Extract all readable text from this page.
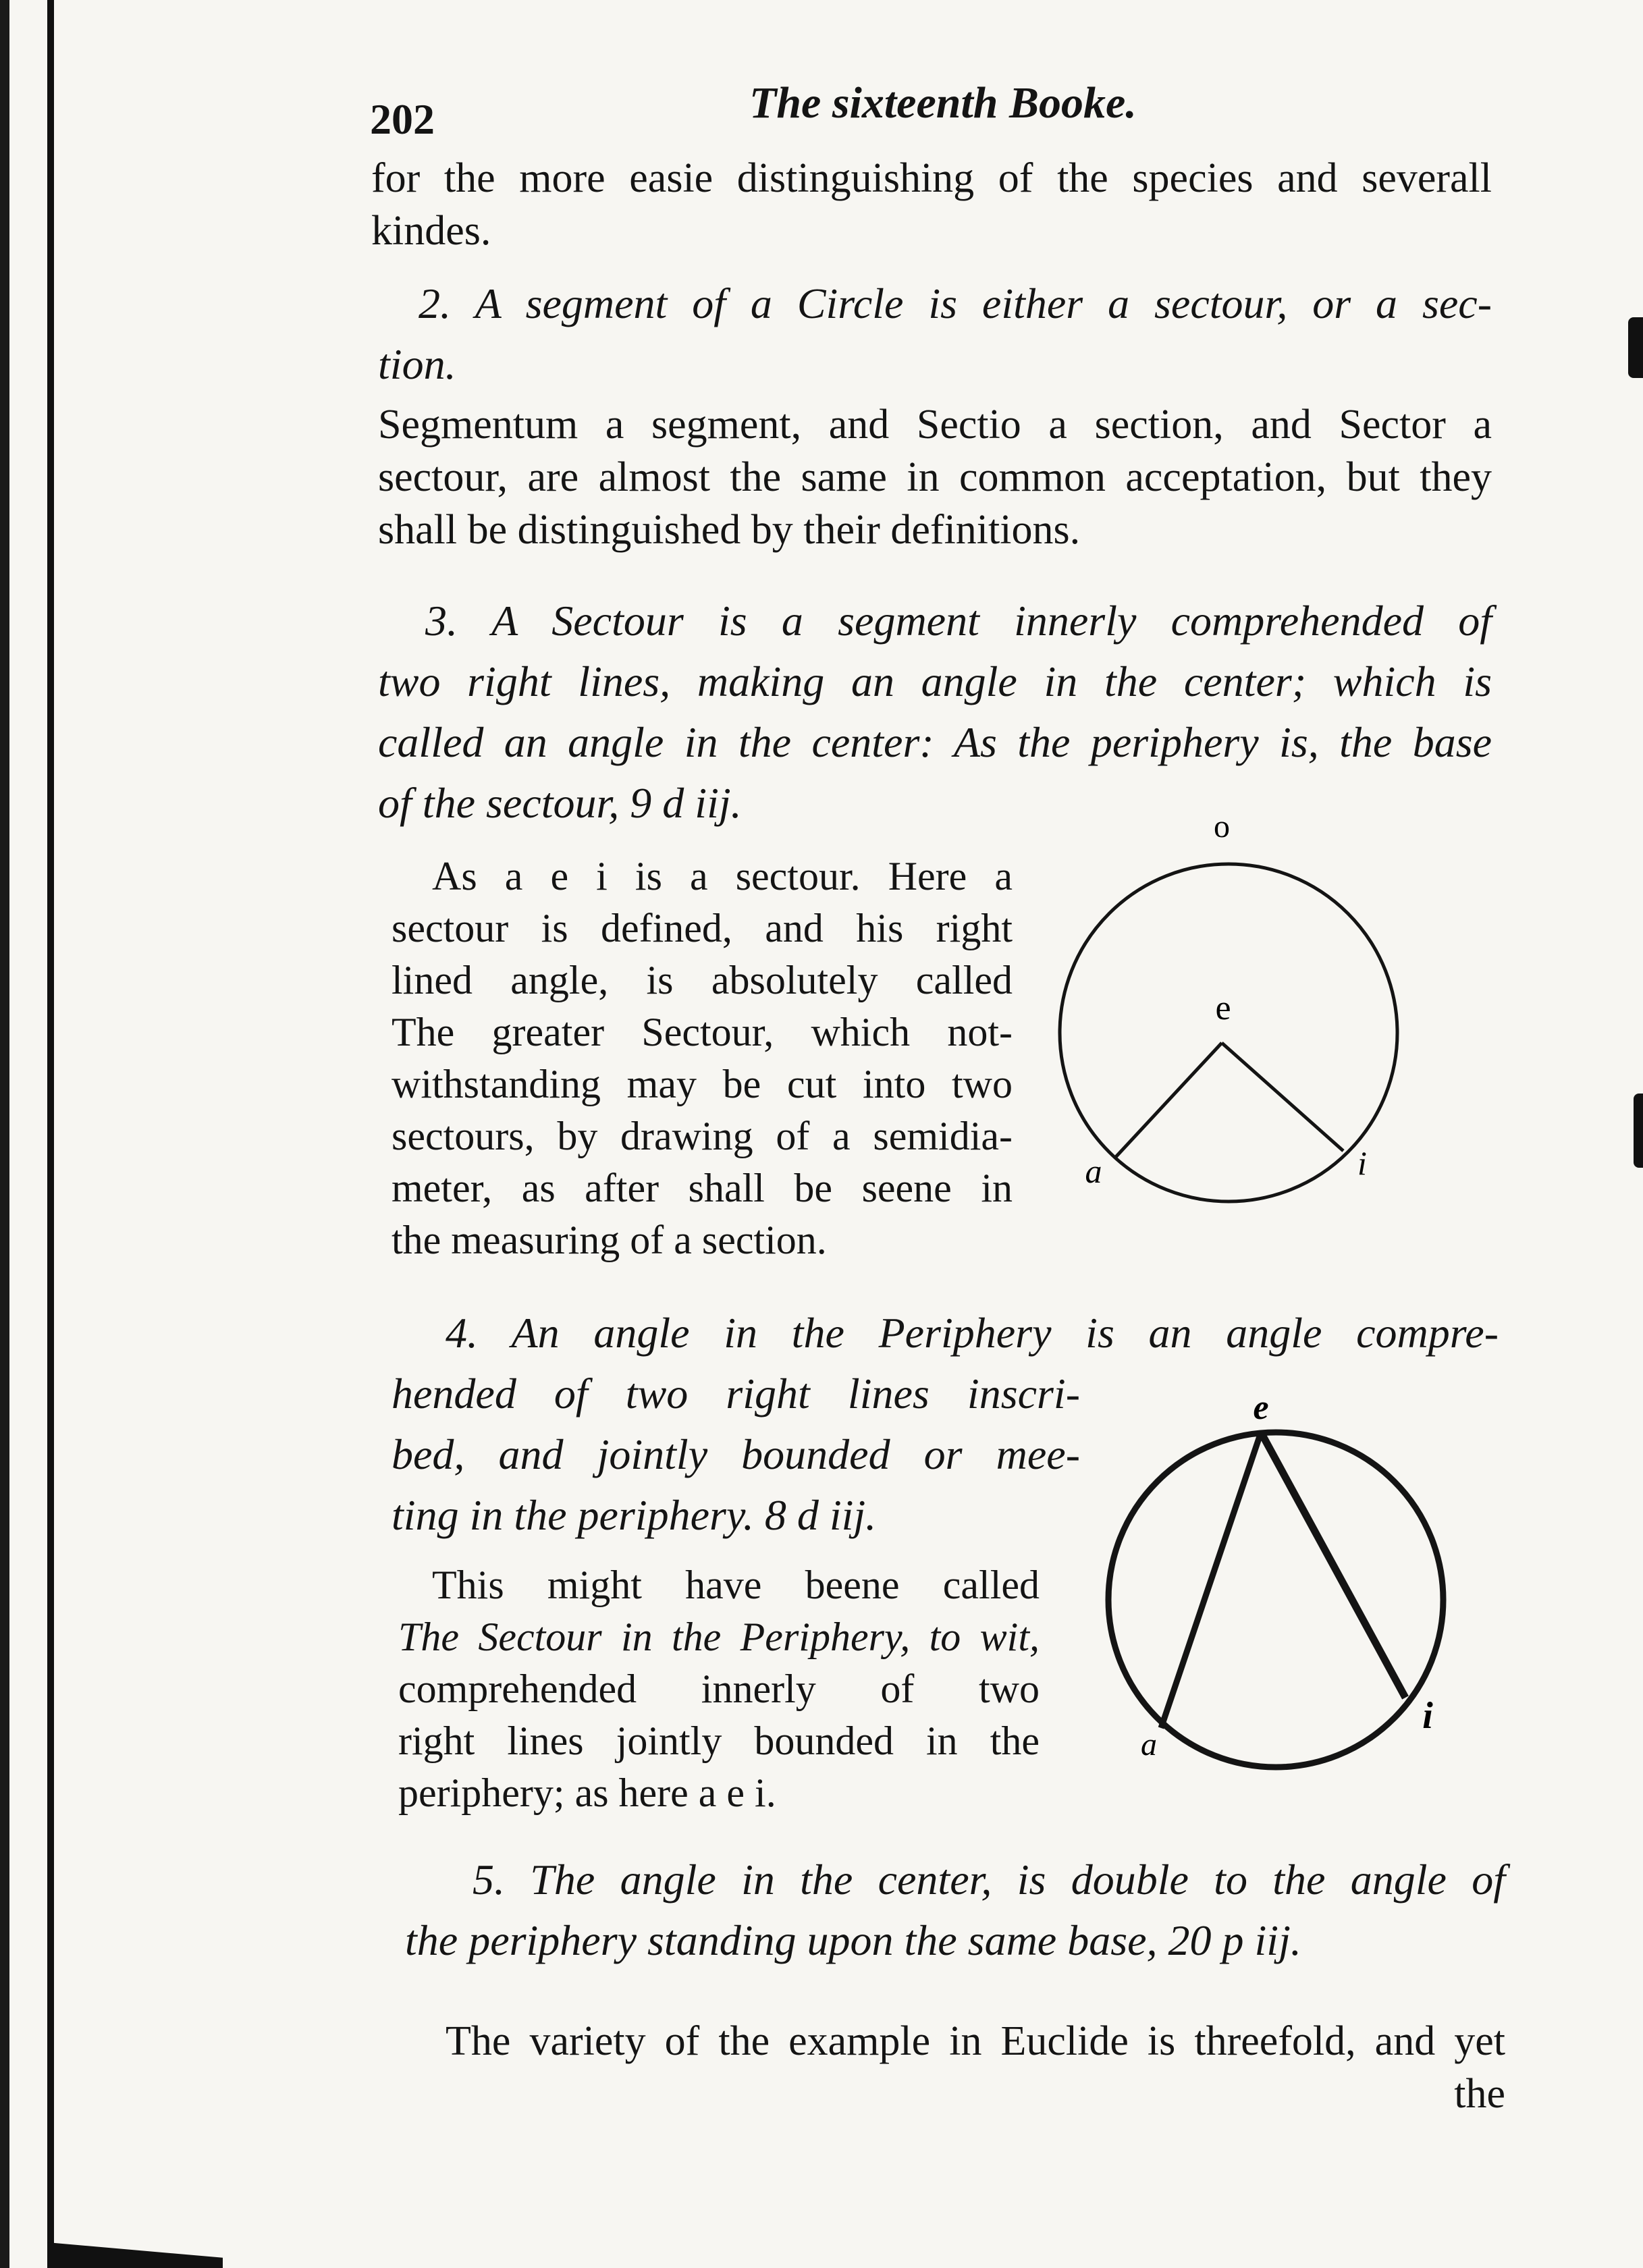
202	The sixteenth Booke.
for the more easie distinguishing of the species and severall
kindes.
2. A segment of a Circle is either a sectour, or a sec-
tion.
Segmentum a segment, and Sectio a section, and Sector a
sectour, are almost the same in common acceptation, but they
shall be distinguished by their definitions.
3. A Sectour is a segment innerly comprehended of
two right lines, making an angle in the center; which is
called an angle in the center: As the periphery is, the base
of the sectour, 9 d iij.
As a e i is a sectour. Here a
sectour is defined, and his right
lined angle, is absolutely called
The greater Sectour, which not-
withstanding may be cut into two
sectours, by drawing of a semidia-
meter, as after shall be seene in
the measuring of a section.
o
e
a	i
4. An angle in the Periphery is an angle compre-
hended of two right lines inscri-
bed, and jointly bounded or mee-
ting in the periphery. 8 d iij.
This might have beene called
The Sectour in the Periphery, to wit,
comprehended innerly of two
right lines jointly bounded in the
periphery; as here a e i.
e
a
i
5. The angle in the center, is double to the angle of
the periphery standing upon the same base, 20 p iij.
The variety of the example in Euclide is threefold, and yet
the
